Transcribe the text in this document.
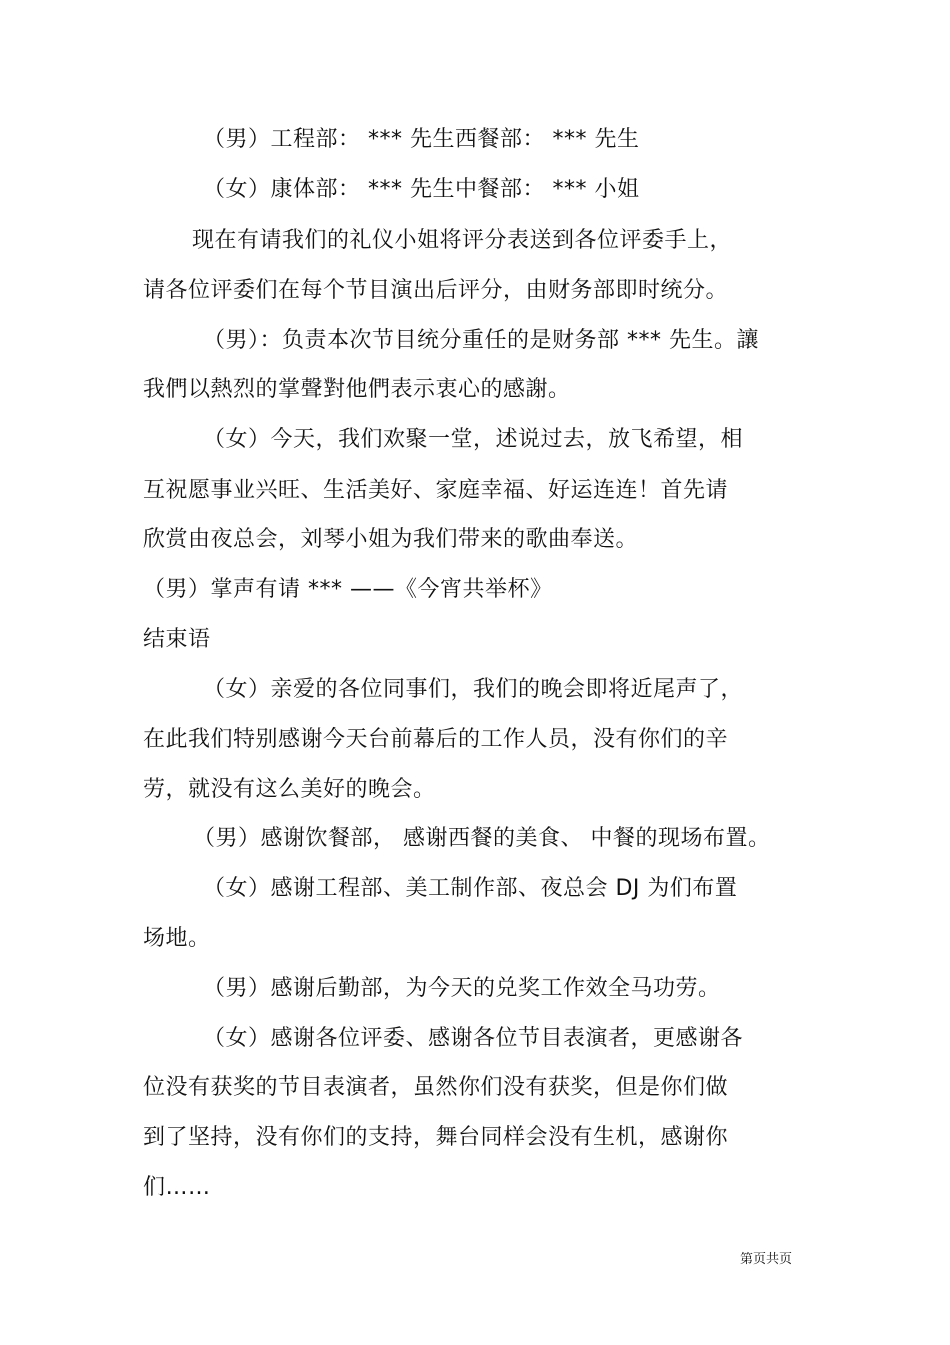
（男）工程部： *** 先生西餐部： *** 先生
（女）康体部： *** 先生中餐部： *** 小姐
现在有请我们的礼仪小姐将评分表送到各位评委手上，
请各位评委们在每个节目演出后评分，由财务部即时统分。
（男）：负责本次节目统分重任的是财务部 *** 先生。讓
我們以熱烈的掌聲對他們表示衷心的感謝。
（女）今天，我们欢聚一堂，述说过去，放飞希望，相
互祝愿事业兴旺、生活美好、家庭幸福、好运连连！首先请
欣赏由夜总会，刘琴小姐为我们带来的歌曲奉送。
（男）掌声有请 *** ——《今宵共举杯》
结束语
（女）亲爱的各位同事们，我们的晚会即将近尾声了，
在此我们特别感谢今天台前幕后的工作人员，没有你们的辛
劳，就没有这么美好的晚会。
（男）感谢饮餐部， 感谢西餐的美食、 中餐的现场布置。
（女）感谢工程部、美工制作部、夜总会 DJ 为们布置
场地。
（男）感谢后勤部，为今天的兑奖工作效全马功劳。
（女）感谢各位评委、感谢各位节目表演者，更感谢各
位没有获奖的节目表演者，虽然你们没有获奖，但是你们做
到了坚持，没有你们的支持，舞台同样会没有生机，感谢你
们……
第页共页
